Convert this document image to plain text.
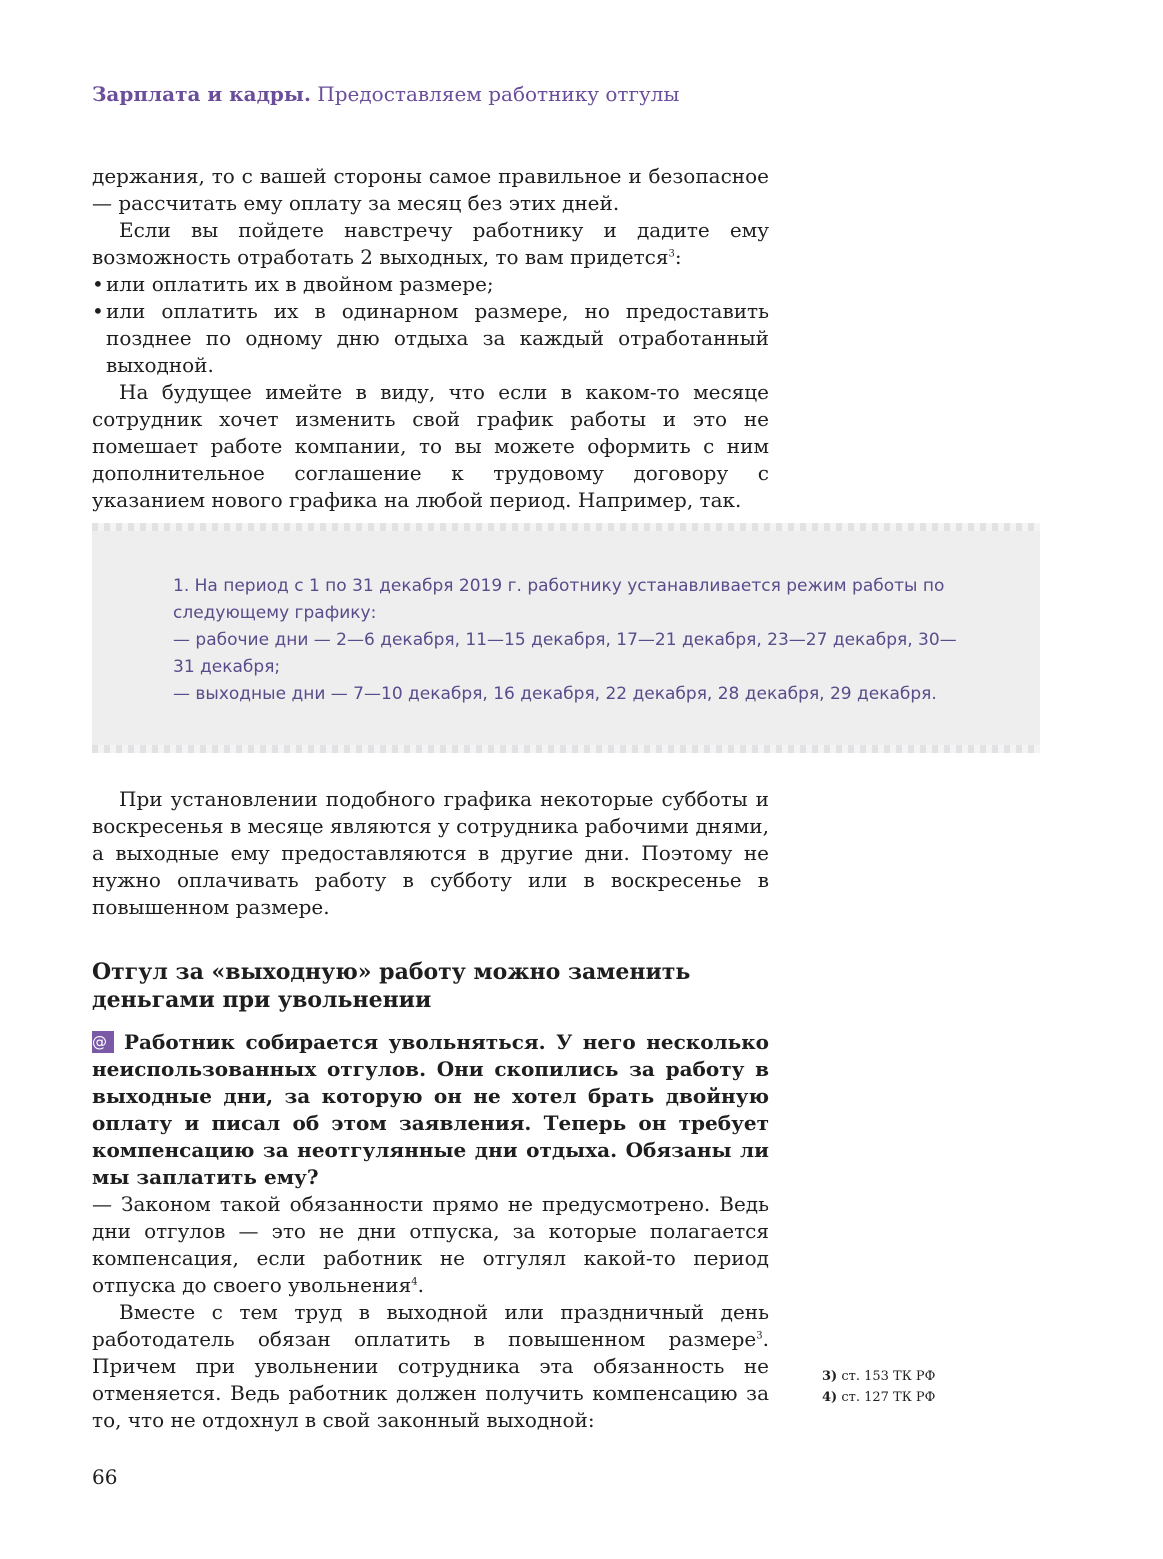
Зарплата и кадры. Предоставляем работнику отгулы

держания, то с вашей стороны самое правильное и безопасное — рассчитать ему оплату за месяц без этих дней.

Если вы пойдете навстречу работнику и дадите ему возможность отработать 2 выходных, то вам придется$^3$:

• или оплатить их в двойном размере;

• или оплатить их в одинарном размере, но предоставить позднее по одному дню отдыха за каждый отработанный выходной.

На будущее имейте в виду, что если в каком-то месяце сотрудник хочет изменить свой график работы и это не помешает работе компании, то вы можете оформить с ним дополнительное соглашение к трудовому договору с указанием нового графика на любой период. Например, так.

1. На период с 1 по 31 декабря 2019 г. работнику устанавливается режим работы по следующему графику:

— рабочие дни — 2—6 декабря, 11—15 декабря, 17—21 декабря, 23—27 декабря, 30—31 декабря;

— выходные дни — 7—10 декабря, 16 декабря, 22 декабря, 28 декабря, 29 декабря.

При установлении подобного графика некоторые субботы и воскресенья в месяце являются у сотрудника рабочими днями, а выходные ему предоставляются в другие дни. Поэтому не нужно оплачивать работу в субботу или в воскресенье в повышенном размере.

Отгул за «выходную» работу можно заменить деньгами при увольнении

@ Работник собирается увольняться. У него несколько неиспользованных отгулов. Они скопились за работу в выходные дни, за которую он не хотел брать двойную оплату и писал об этом заявления. Теперь он требует компенсацию за неотгулянные дни отдыха. Обязаны ли мы заплатить ему?

— Законом такой обязанности прямо не предусмотрено. Ведь дни отгулов — это не дни отпуска, за которые полагается компенсация, если работник не отгулял какой-то период отпуска до своего увольнения$^4$.

Вместе с тем труд в выходной или праздничный день работодатель обязан оплатить в повышенном размере$^3$. Причем при увольнении сотрудника эта обязанность не отменяется. Ведь работник должен получить компенсацию за то, что не отдохнул в свой законный выходной:

3) ст. 153 ТК РФ
4) ст. 127 ТК РФ
66
